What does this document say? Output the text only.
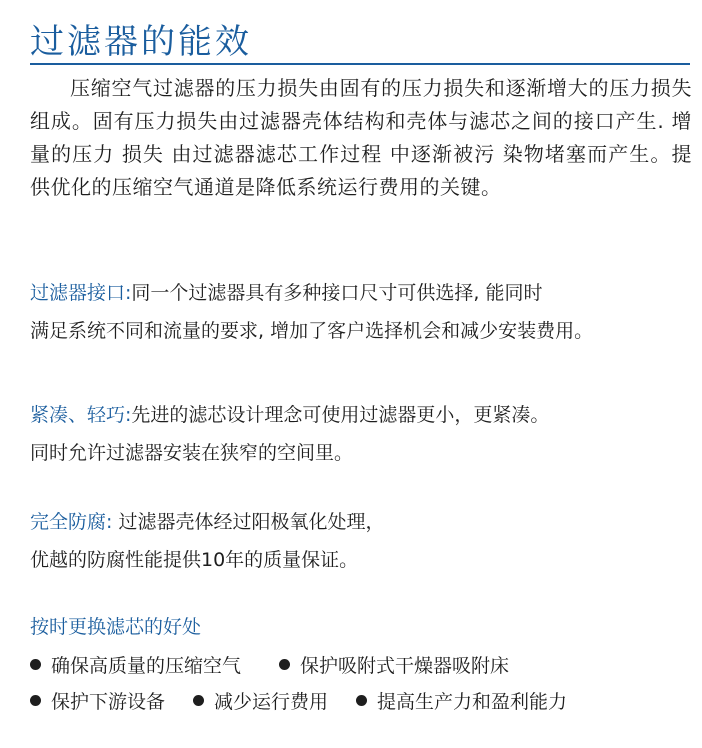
过滤器的能效

压缩空气过滤器的压力损失由固有的压力损失和逐渐增大的压力损失组成。固有压力损失由过滤器壳体结构和壳体与滤芯之间的接口产生. 增 量的压力 损失 由过滤器滤芯工作过程 中逐渐被污 染物堵塞而产生。提供优化的压缩空气通道是降低系统运行费用的关键。

过滤器接口:同一个过滤器具有多种接口尺寸可供选择, 能同时
满足系统不同和流量的要求, 增加了客户选择机会和减少安装费用。

紧凑、轻巧:先进的滤芯设计理念可使用过滤器更小，更紧凑。
同时允许过滤器安装在狭窄的空间里。

完全防腐: 过滤器壳体经过阳极氧化处理，
优越的防腐性能提供10年的质量保证。

按时更换滤芯的好处
确保高质量的压缩空气	保护吸附式干燥器吸附床
保护下游设备	减少运行费用	提高生产力和盈利能力
